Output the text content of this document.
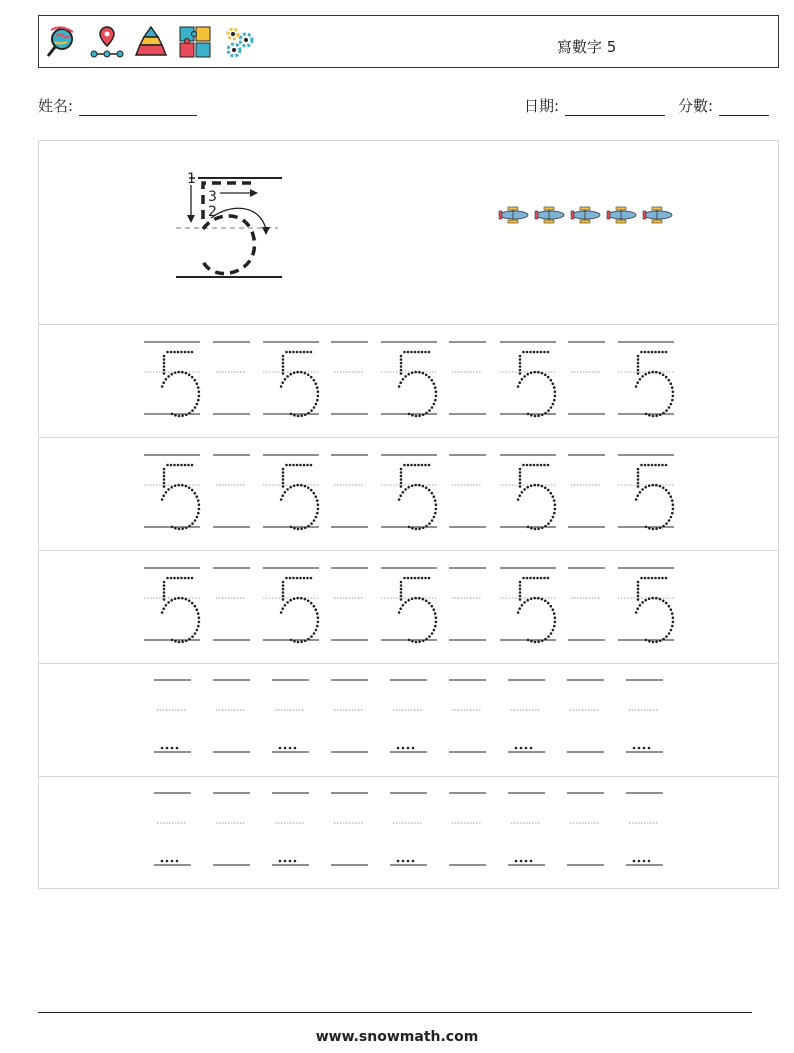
寫數字 5
姓名:	日期:	分數:
1
3
2
www.snowmath.com
